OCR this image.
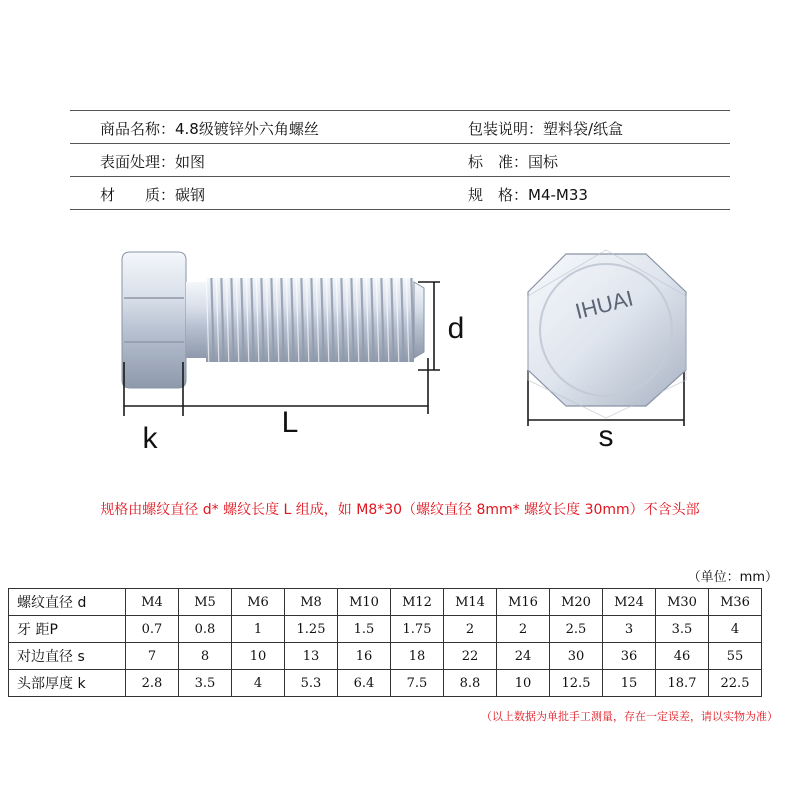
商品名称：4.8级镀锌外六角螺丝	包装说明：塑料袋/纸盒
表面处理：如图	标　准：国标
材　　质：碳钢	规　格：M4-M33
k	L
d
s
IHUAI
规格由螺纹直径 d* 螺纹长度 L 组成，如 M8*30（螺纹直径 8mm* 螺纹长度 30mm）不含头部
（单位：mm）
螺纹直径 d	M4	M5	M6	M8	M10	M12	M14	M16	M20	M24	M30	M36
牙 距P	0.7	0.8	1	1.25	1.5	1.75	2	2	2.5	3	3.5	4
对边直径 s	7	8	10	13	16	18	22	24	30	36	46	55
头部厚度 k	2.8	3.5	4	5.3	6.4	7.5	8.8	10	12.5	15	18.7	22.5
（以上数据为单批手工测量，存在一定误差，请以实物为准）
